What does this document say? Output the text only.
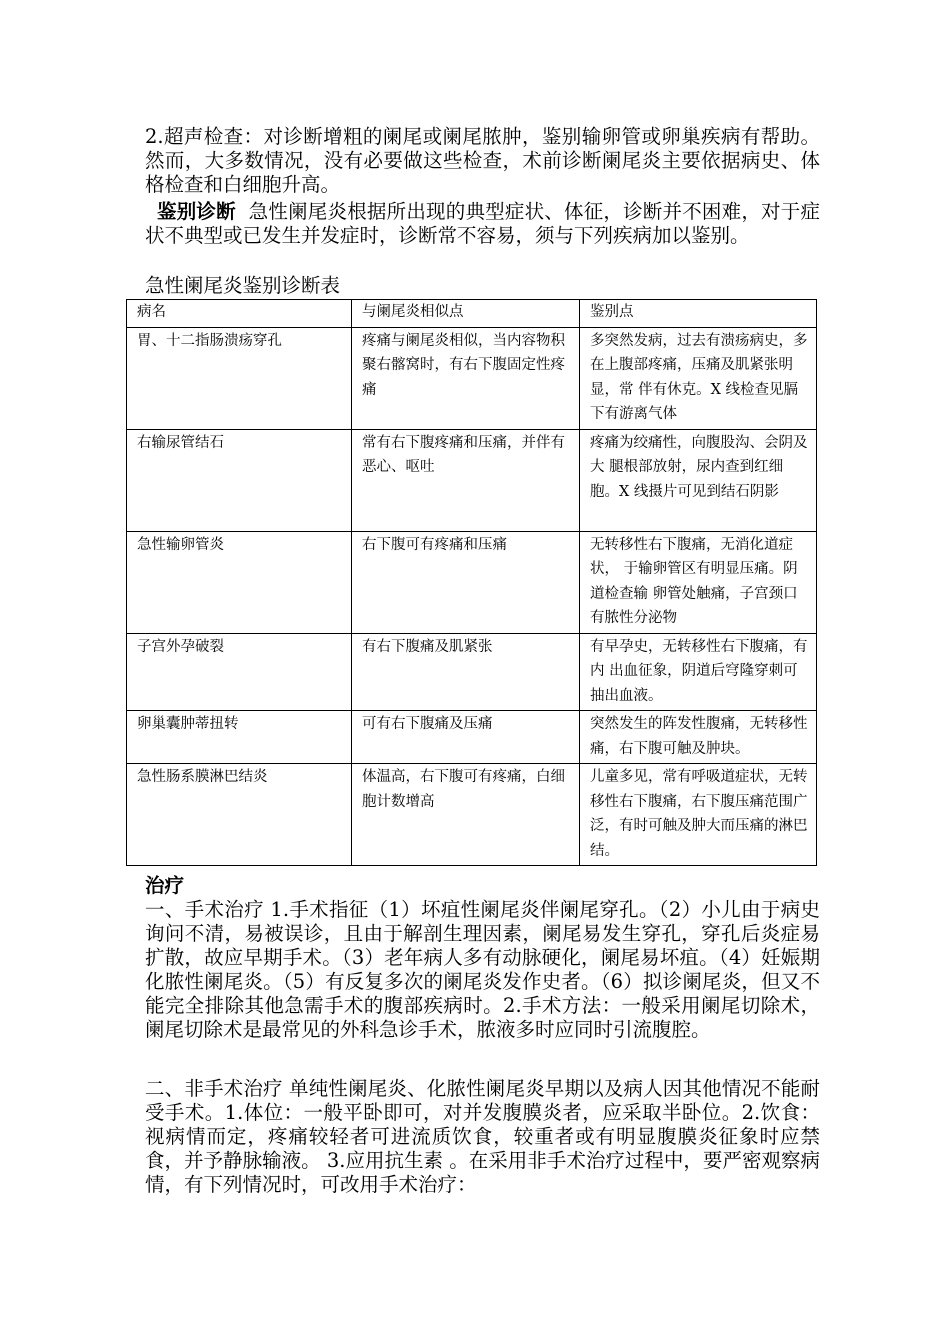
2.超声检查：对诊断增粗的阑尾或阑尾脓肿，鉴别输卵管或卵巢疾病有帮助。然而，大多数情况，没有必要做这些检查，术前诊断阑尾炎主要依据病史、体格检查和白细胞升高。

鉴别诊断 急性阑尾炎根据所出现的典型症状、体征，诊断并不困难，对于症状不典型或已发生并发症时，诊断常不容易，须与下列疾病加以鉴别。

急性阑尾炎鉴别诊断表
病名	与阑尾炎相似点	鉴别点
胃、十二指肠溃疡穿孔	疼痛与阑尾炎相似，当内容物积聚右髂窝时，有右下腹固定性疼痛	多突然发病，过去有溃疡病史，多在上腹部疼痛，压痛及肌紧张明显，常 伴有休克。X 线检查见膈下有游离气体
右输尿管结石	常有右下腹疼痛和压痛，并伴有恶心、呕吐	疼痛为绞痛性，向腹股沟、会阴及大 腿根部放射，尿内查到红细胞。X 线摄片可见到结石阴影
急性输卵管炎	右下腹可有疼痛和压痛	无转移性右下腹痛，无消化道症状， 于输卵管区有明显压痛。阴道检查输 卵管处触痛，子宫颈口有脓性分泌物
子宫外孕破裂	有右下腹痛及肌紧张	有早孕史，无转移性右下腹痛，有内 出血征象，阴道后穹隆穿刺可抽出血液。
卵巢囊肿蒂扭转	可有右下腹痛及压痛	突然发生的阵发性腹痛，无转移性痛，右下腹可触及肿块。
急性肠系膜淋巴结炎	体温高，右下腹可有疼痛，白细胞计数增高	儿童多见，常有呼吸道症状，无转移性右下腹痛，右下腹压痛范围广泛，有时可触及肿大而压痛的淋巴结。
治疗

一、手术治疗 1.手术指征（1）坏疽性阑尾炎伴阑尾穿孔。（2）小儿由于病史询问不清，易被误诊，且由于解剖生理因素，阑尾易发生穿孔，穿孔后炎症易扩散，故应早期手术。（3）老年病人多有动脉硬化，阑尾易坏疽。（4）妊娠期化脓性阑尾炎。（5）有反复多次的阑尾炎发作史者。（6）拟诊阑尾炎，但又不能完全排除其他急需手术的腹部疾病时。2.手术方法：一般采用阑尾切除术，阑尾切除术是最常见的外科急诊手术，脓液多时应同时引流腹腔。

二、非手术治疗 单纯性阑尾炎、化脓性阑尾炎早期以及病人因其他情况不能耐受手术。1.体位：一般平卧即可，对并发腹膜炎者，应采取半卧位。2.饮食：视病情而定，疼痛较轻者可进流质饮食，较重者或有明显腹膜炎征象时应禁食，并予静脉输液。 3.应用抗生素 。在采用非手术治疗过程中，要严密观察病情，有下列情况时，可改用手术治疗：
